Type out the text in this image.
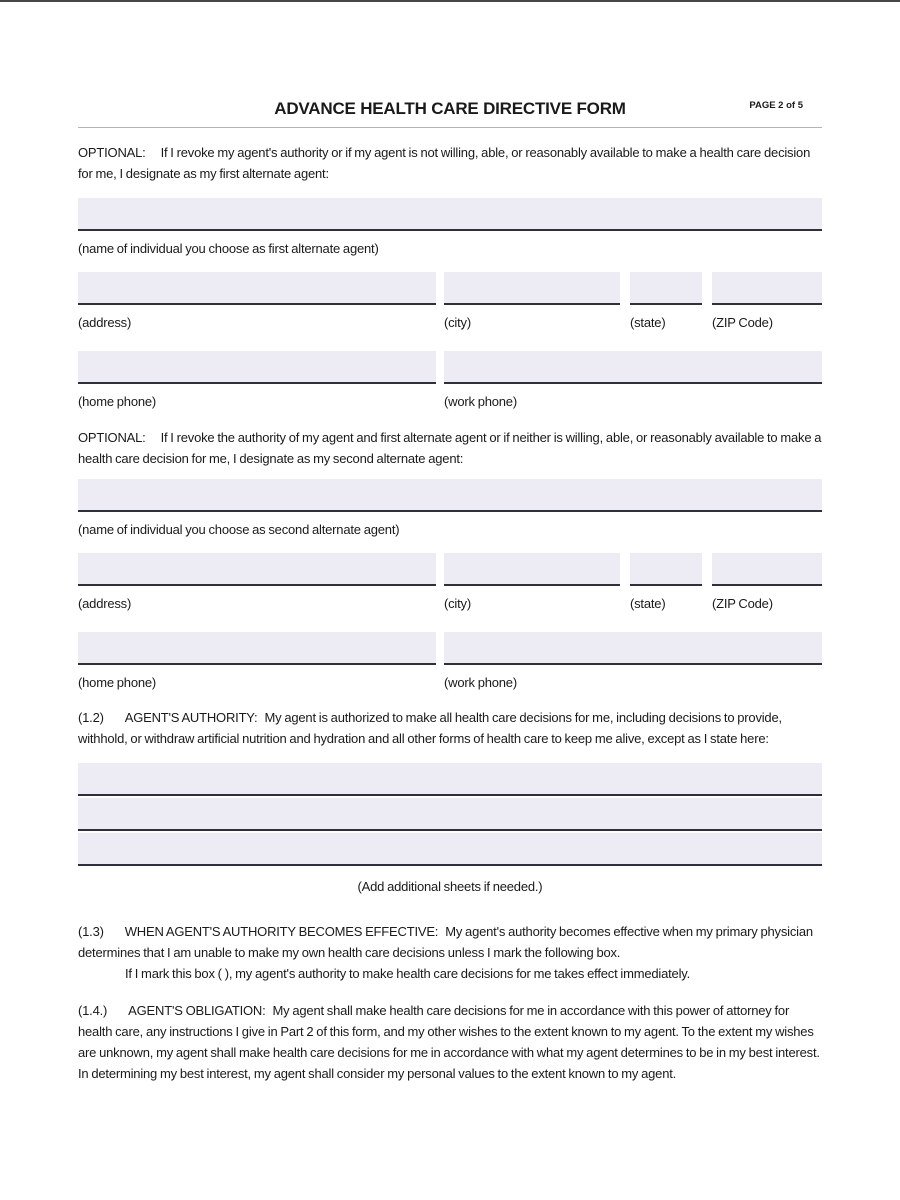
ADVANCE HEALTH CARE DIRECTIVE FORM	PAGE 2 of 5

OPTIONAL: If I revoke my agent's authority or if my agent is not willing, able, or reasonably available to make a health care decision for me, I designate as my first alternate agent:

(name of individual you choose as first alternate agent)
(address)	(city)	(state)	(ZIP Code)
(home phone)	(work phone)

OPTIONAL: If I revoke the authority of my agent and first alternate agent or if neither is willing, able, or reasonably available to make a health care decision for me, I designate as my second alternate agent:

(name of individual you choose as second alternate agent)
(address)	(city)	(state)	(ZIP Code)
(home phone)	(work phone)

(1.2) AGENT'S AUTHORITY: My agent is authorized to make all health care decisions for me, including decisions to provide, withhold, or withdraw artificial nutrition and hydration and all other forms of health care to keep me alive, except as I state here:

(Add additional sheets if needed.)

(1.3) WHEN AGENT'S AUTHORITY BECOMES EFFECTIVE: My agent's authority becomes effective when my primary physician determines that I am unable to make my own health care decisions unless I mark the following box.

If I mark this box ( ), my agent's authority to make health care decisions for me takes effect immediately.

(1.4.) AGENT'S OBLIGATION: My agent shall make health care decisions for me in accordance with this power of attorney for health care, any instructions I give in Part 2 of this form, and my other wishes to the extent known to my agent. To the extent my wishes are unknown, my agent shall make health care decisions for me in accordance with what my agent determines to be in my best interest. In determining my best interest, my agent shall consider my personal values to the extent known to my agent.
